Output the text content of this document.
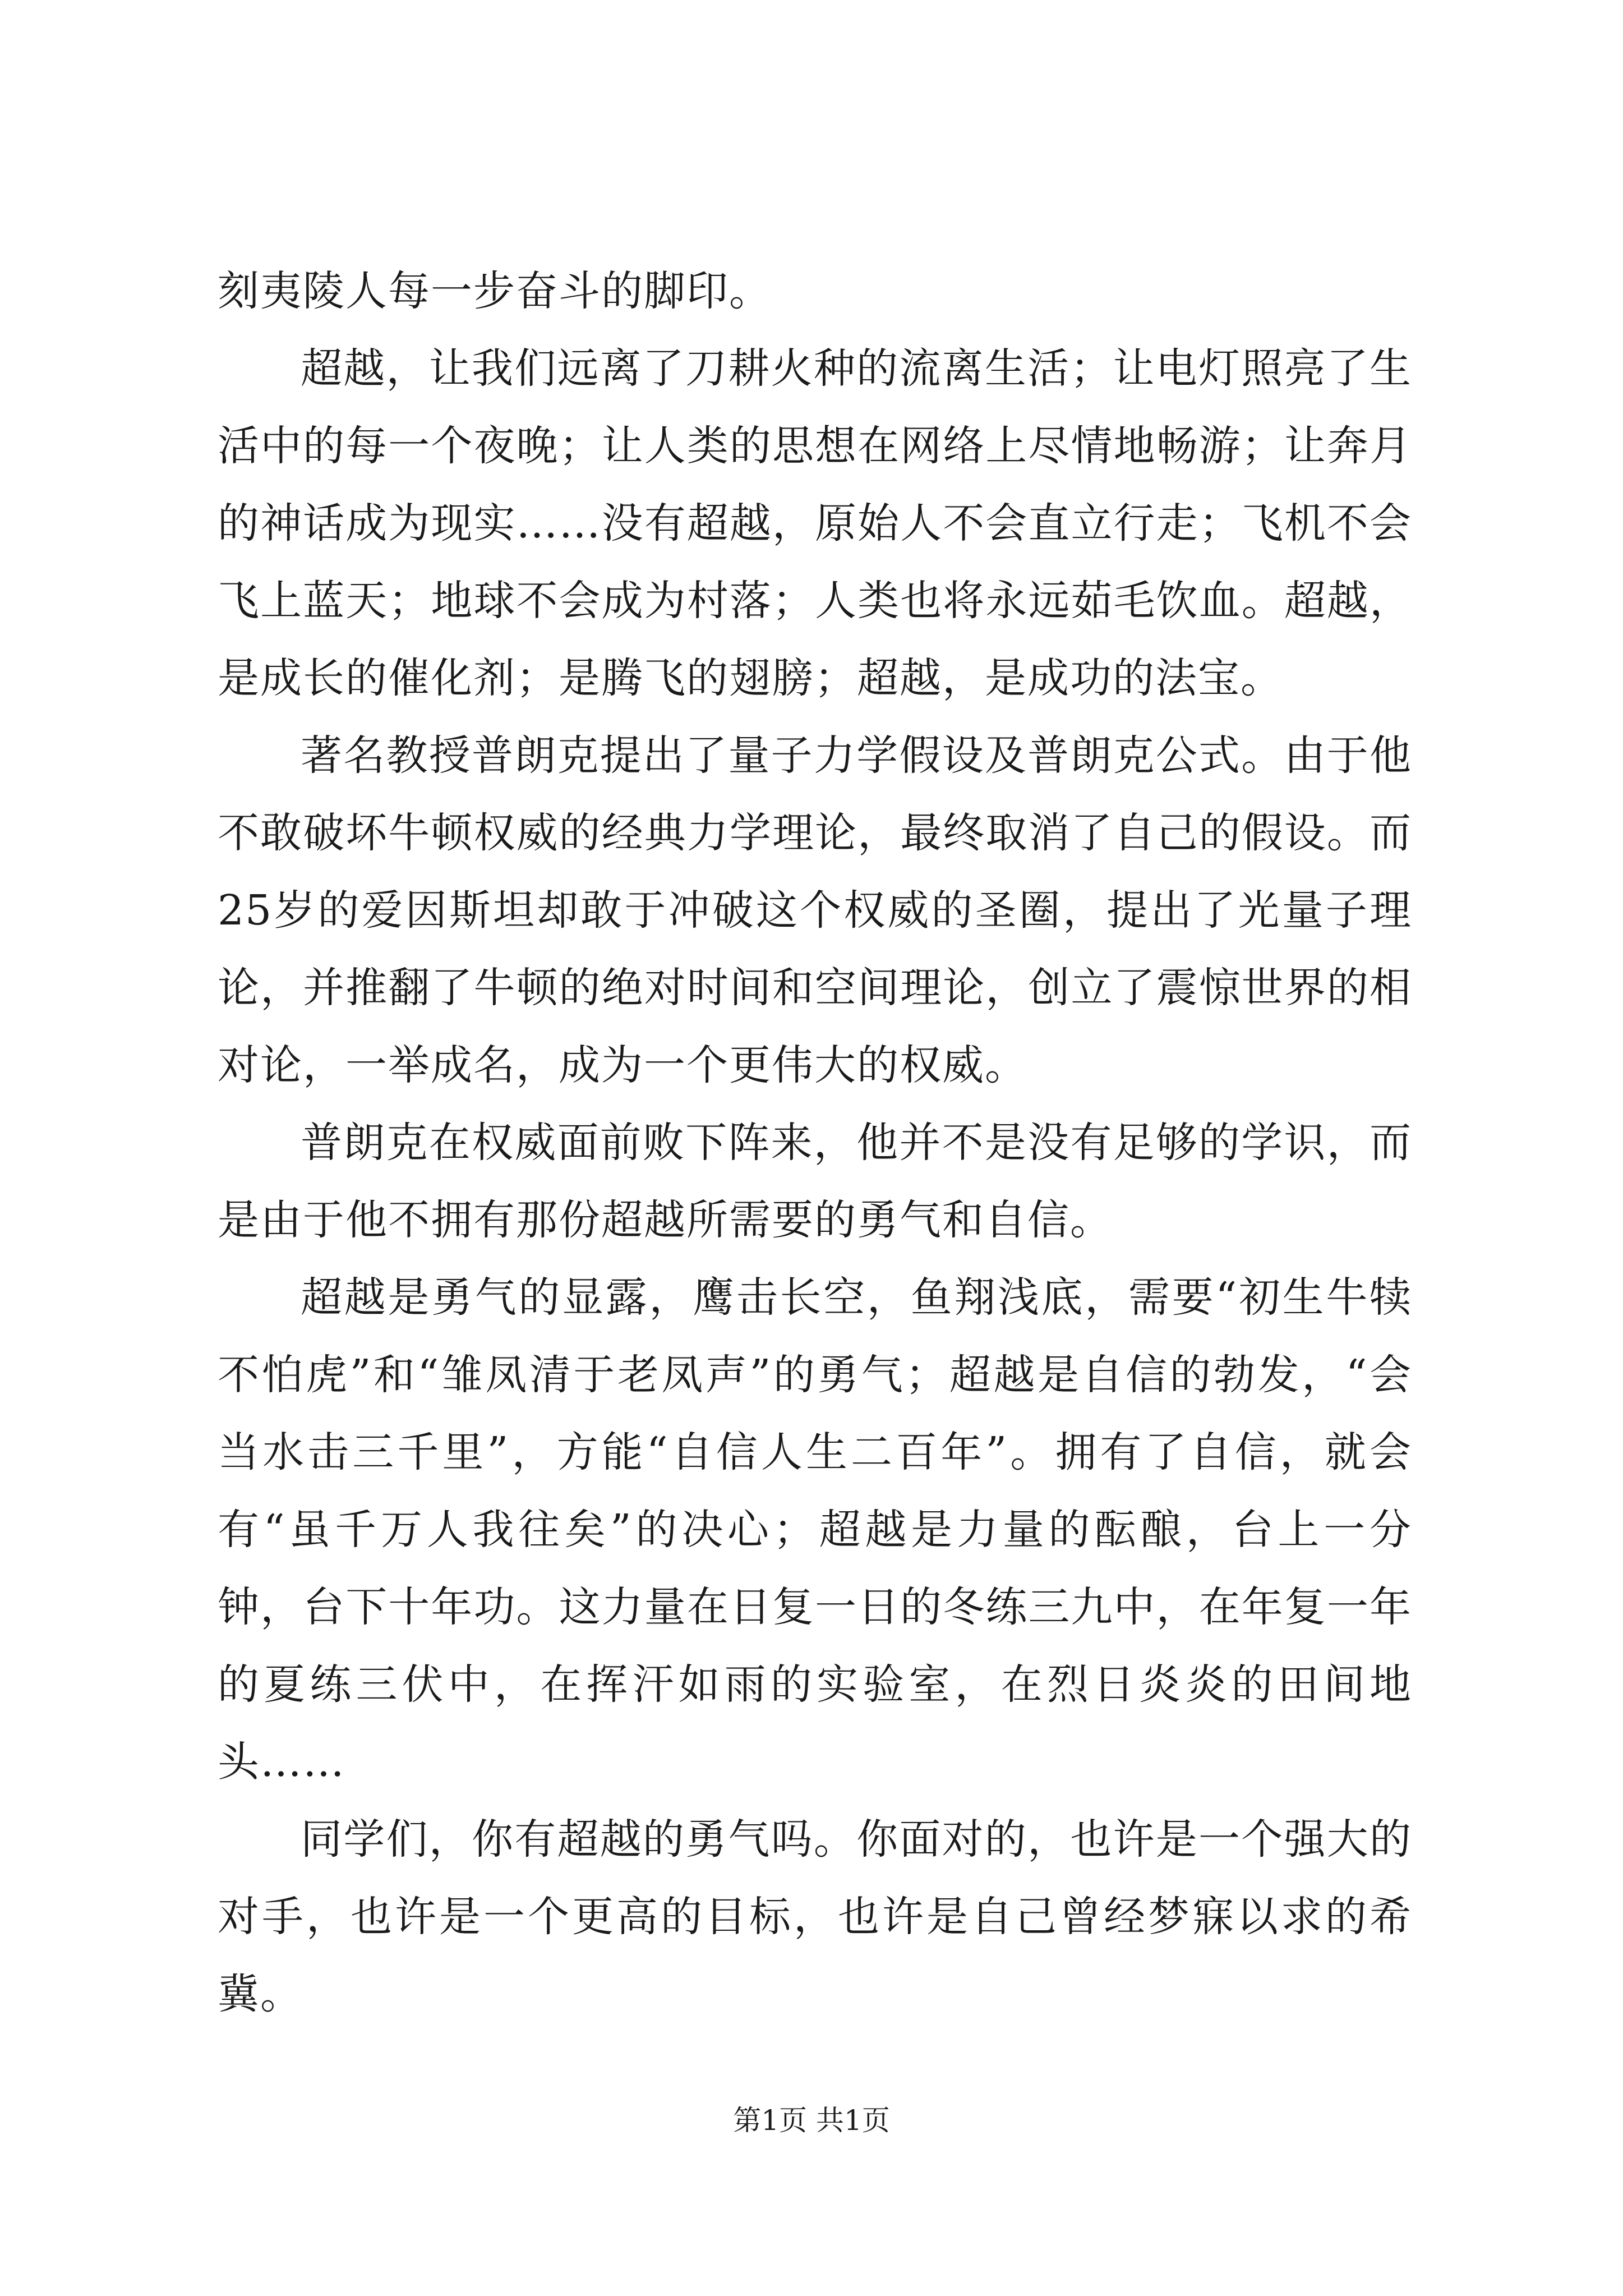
刻夷陵人每一步奋斗的脚印。

超越，让我们远离了刀耕火种的流离生活；让电灯照亮了生活中的每一个夜晚；让人类的思想在网络上尽情地畅游；让奔月的神话成为现实……没有超越，原始人不会直立行走；飞机不会飞上蓝天；地球不会成为村落；人类也将永远茹毛饮血。超越，是成长的催化剂；是腾飞的翅膀；超越，是成功的法宝。

著名教授普朗克提出了量子力学假设及普朗克公式。由于他不敢破坏牛顿权威的经典力学理论，最终取消了自己的假设。而25岁的爱因斯坦却敢于冲破这个权威的圣圈，提出了光量子理论，并推翻了牛顿的绝对时间和空间理论，创立了震惊世界的相对论，一举成名，成为一个更伟大的权威。

普朗克在权威面前败下阵来，他并不是没有足够的学识，而是由于他不拥有那份超越所需要的勇气和自信。

超越是勇气的显露，鹰击长空，鱼翔浅底，需要“初生牛犊不怕虎”和“雏凤清于老凤声”的勇气；超越是自信的勃发，“会当水击三千里”，方能“自信人生二百年”。拥有了自信，就会有“虽千万人我往矣”的决心；超越是力量的酝酿，台上一分钟，台下十年功。这力量在日复一日的冬练三九中，在年复一年的夏练三伏中，在挥汗如雨的实验室，在烈日炎炎的田间地头……

同学们，你有超越的勇气吗。你面对的，也许是一个强大的对手，也许是一个更高的目标，也许是自己曾经梦寐以求的希冀。

第1页 共1页
